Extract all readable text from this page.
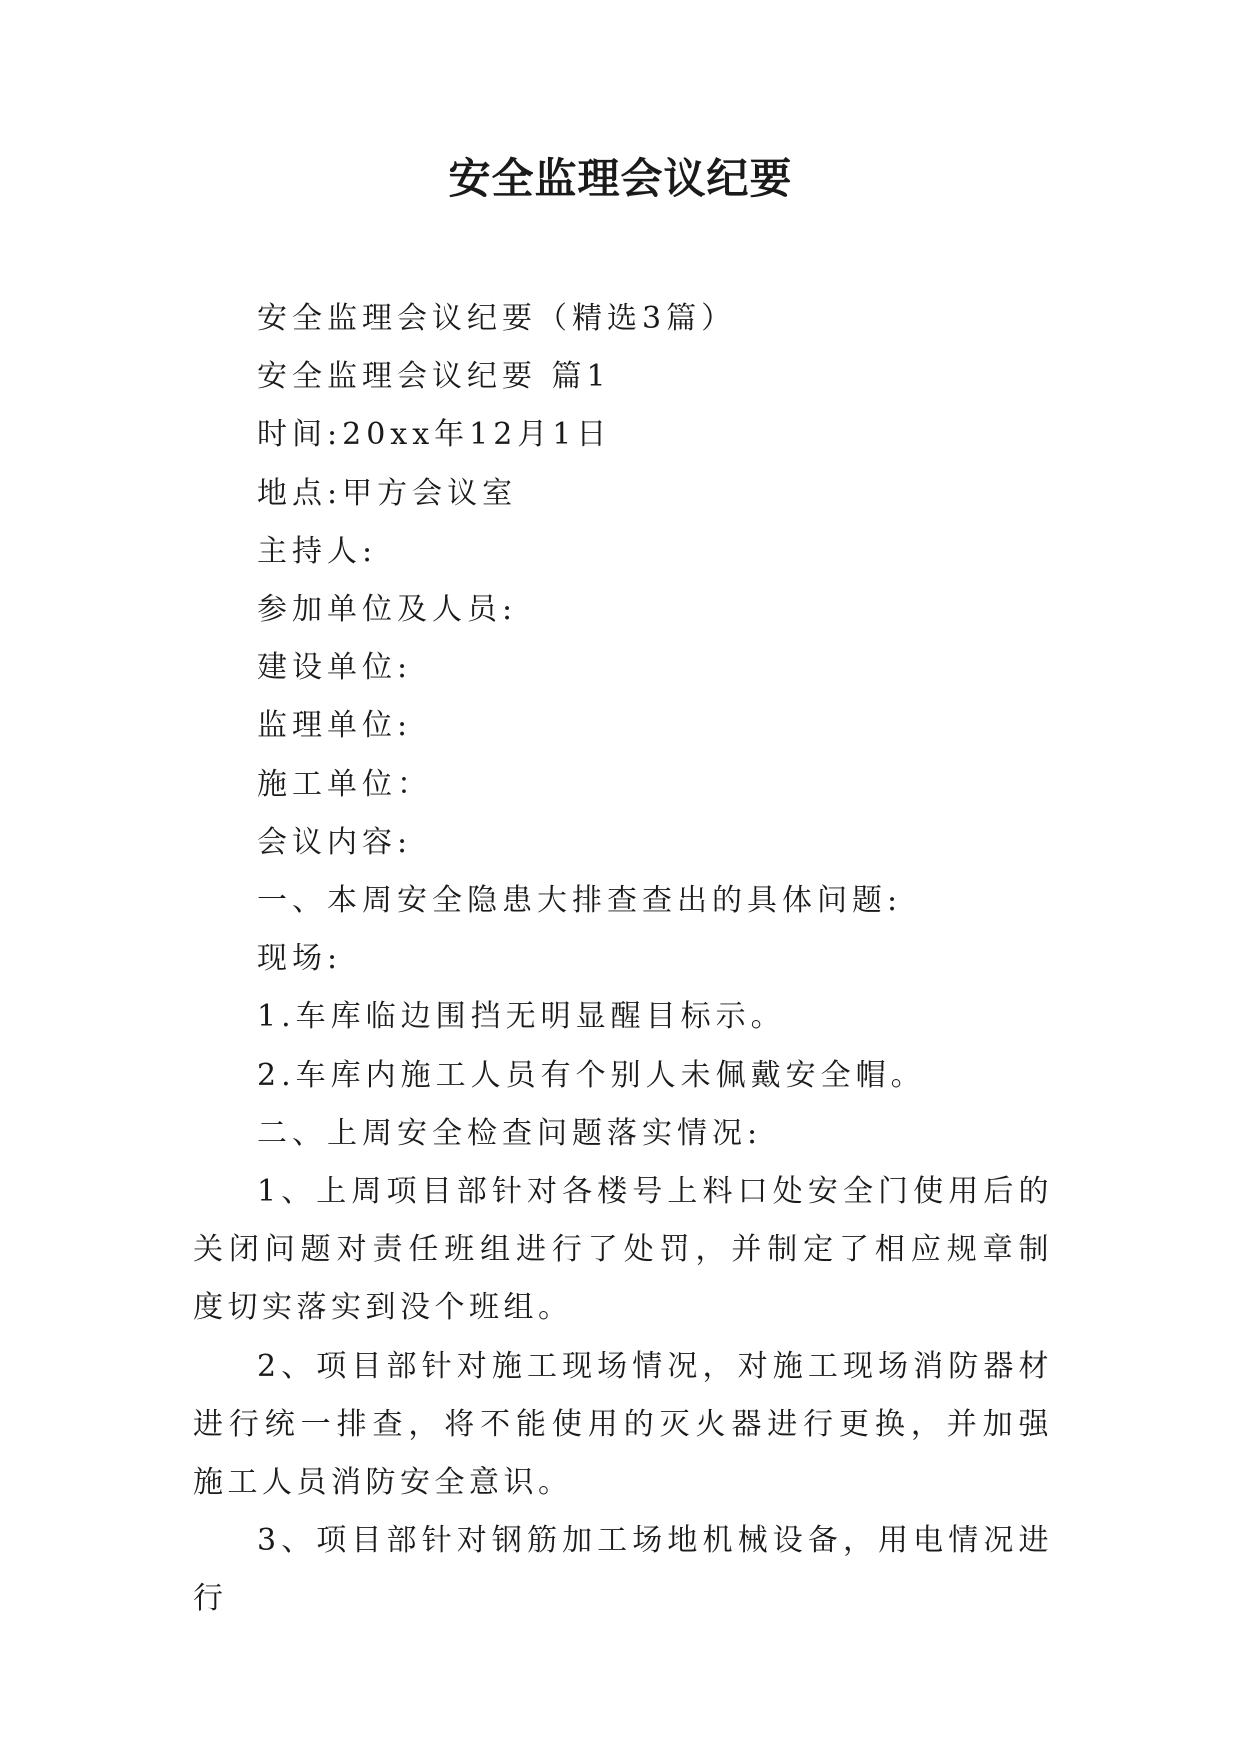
安全监理会议纪要

安全监理会议纪要（精选3篇）

安全监理会议纪要 篇1

时间:20xx年12月1日

地点:甲方会议室

主持人:

参加单位及人员:

建设单位:

监理单位:

施工单位：

会议内容:

一、本周安全隐患大排查查出的具体问题:

现场:

1.车库临边围挡无明显醒目标示。

2.车库内施工人员有个别人未佩戴安全帽。

二、上周安全检查问题落实情况:

1、上周项目部针对各楼号上料口处安全门使用后的关闭问题对责任班组进行了处罚，并制定了相应规章制度切实落实到没个班组。

2、项目部针对施工现场情况，对施工现场消防器材进行统一排查，将不能使用的灭火器进行更换，并加强施工人员消防安全意识。

3、项目部针对钢筋加工场地机械设备，用电情况进行
